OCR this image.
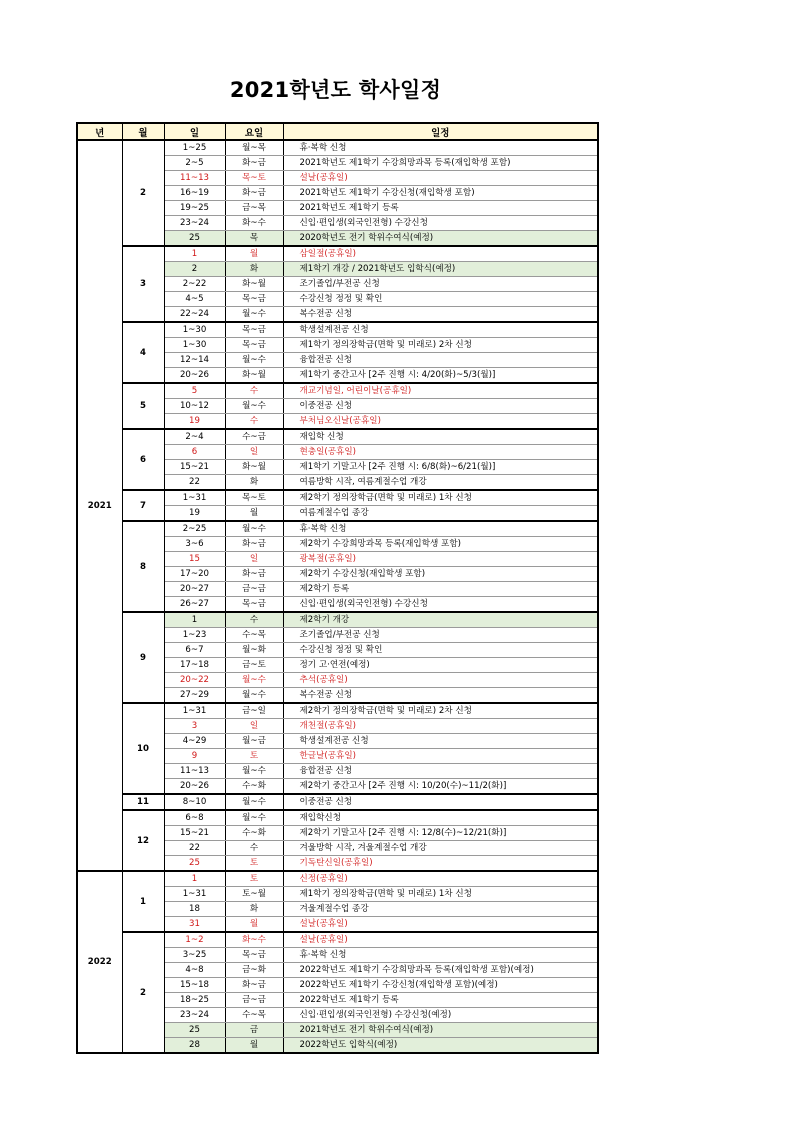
2021학년도 학사일정
년	월	일	요일	일정
2021	2	1~25	월~목	휴·복학 신청
		2~5	화~금	2021학년도 제1학기 수강희망과목 등록(재입학생 포함)
		11~13	목~토	설날(공휴일)
		16~19	화~금	2021학년도 제1학기 수강신청(재입학생 포함)
		19~25	금~목	2021학년도 제1학기 등록
		23~24	화~수	신입·편입생(외국인전형) 수강신청
		25	목	2020학년도 전기 학위수여식(예정)
	3	1	월	삼일절(공휴일)
		2	화	제1학기 개강 / 2021학년도 입학식(예정)
		2~22	화~월	조기졸업/부전공 신청
		4~5	목~금	수강신청 정정 및 확인
		22~24	월~수	복수전공 신청
	4	1~30	목~금	학생설계전공 신청
		1~30	목~금	제1학기 정의장학금(면학 및 미래로) 2차 신청
		12~14	월~수	융합전공 신청
		20~26	화~월	제1학기 중간고사 [2주 진행 시: 4/20(화)~5/3(월)]
	5	5	수	개교기념일, 어린이날(공휴일)
		10~12	월~수	이중전공 신청
		19	수	부처님오신날(공휴일)
	6	2~4	수~금	재입학 신청
		6	일	현충일(공휴일)
		15~21	화~월	제1학기 기말고사 [2주 진행 시: 6/8(화)~6/21(월)]
		22	화	여름방학 시작, 여름계절수업 개강
	7	1~31	목~토	제2학기 정의장학금(면학 및 미래로) 1차 신청
		19	월	여름계절수업 종강
	8	2~25	월~수	휴·복학 신청
		3~6	화~금	제2학기 수강희망과목 등록(재입학생 포함)
		15	일	광복절(공휴일)
		17~20	화~금	제2학기 수강신청(재입학생 포함)
		20~27	금~금	제2학기 등록
		26~27	목~금	신입·편입생(외국인전형) 수강신청
	9	1	수	제2학기 개강
		1~23	수~목	조기졸업/부전공 신청
		6~7	월~화	수강신청 정정 및 확인
		17~18	금~토	정기 고·연전(예정)
		20~22	월~수	추석(공휴일)
		27~29	월~수	복수전공 신청
	10	1~31	금~일	제2학기 정의장학금(면학 및 미래로) 2차 신청
		3	일	개천절(공휴일)
		4~29	월~금	학생설계전공 신청
		9	토	한글날(공휴일)
		11~13	월~수	융합전공 신청
		20~26	수~화	제2학기 중간고사 [2주 진행 시: 10/20(수)~11/2(화)]
	11	8~10	월~수	이중전공 신청
	12	6~8	월~수	재입학신청
		15~21	수~화	제2학기 기말고사 [2주 진행 시: 12/8(수)~12/21(화)]
		22	수	겨울방학 시작, 겨울계절수업 개강
		25	토	기독탄신일(공휴일)
2022	1	1	토	신정(공휴일)
		1~31	토~월	제1학기 정의장학금(면학 및 미래로) 1차 신청
		18	화	겨울계절수업 종강
		31	월	설날(공휴일)
	2	1~2	화~수	설날(공휴일)
		3~25	목~금	휴·복학 신청
		4~8	금~화	2022학년도 제1학기 수강희망과목 등록(재입학생 포함)(예정)
		15~18	화~금	2022학년도 제1학기 수강신청(재입학생 포함)(예정)
		18~25	금~금	2022학년도 제1학기 등록
		23~24	수~목	신입·편입생(외국인전형) 수강신청(예정)
		25	금	2021학년도 전기 학위수여식(예정)
		28	월	2022학년도 입학식(예정)
